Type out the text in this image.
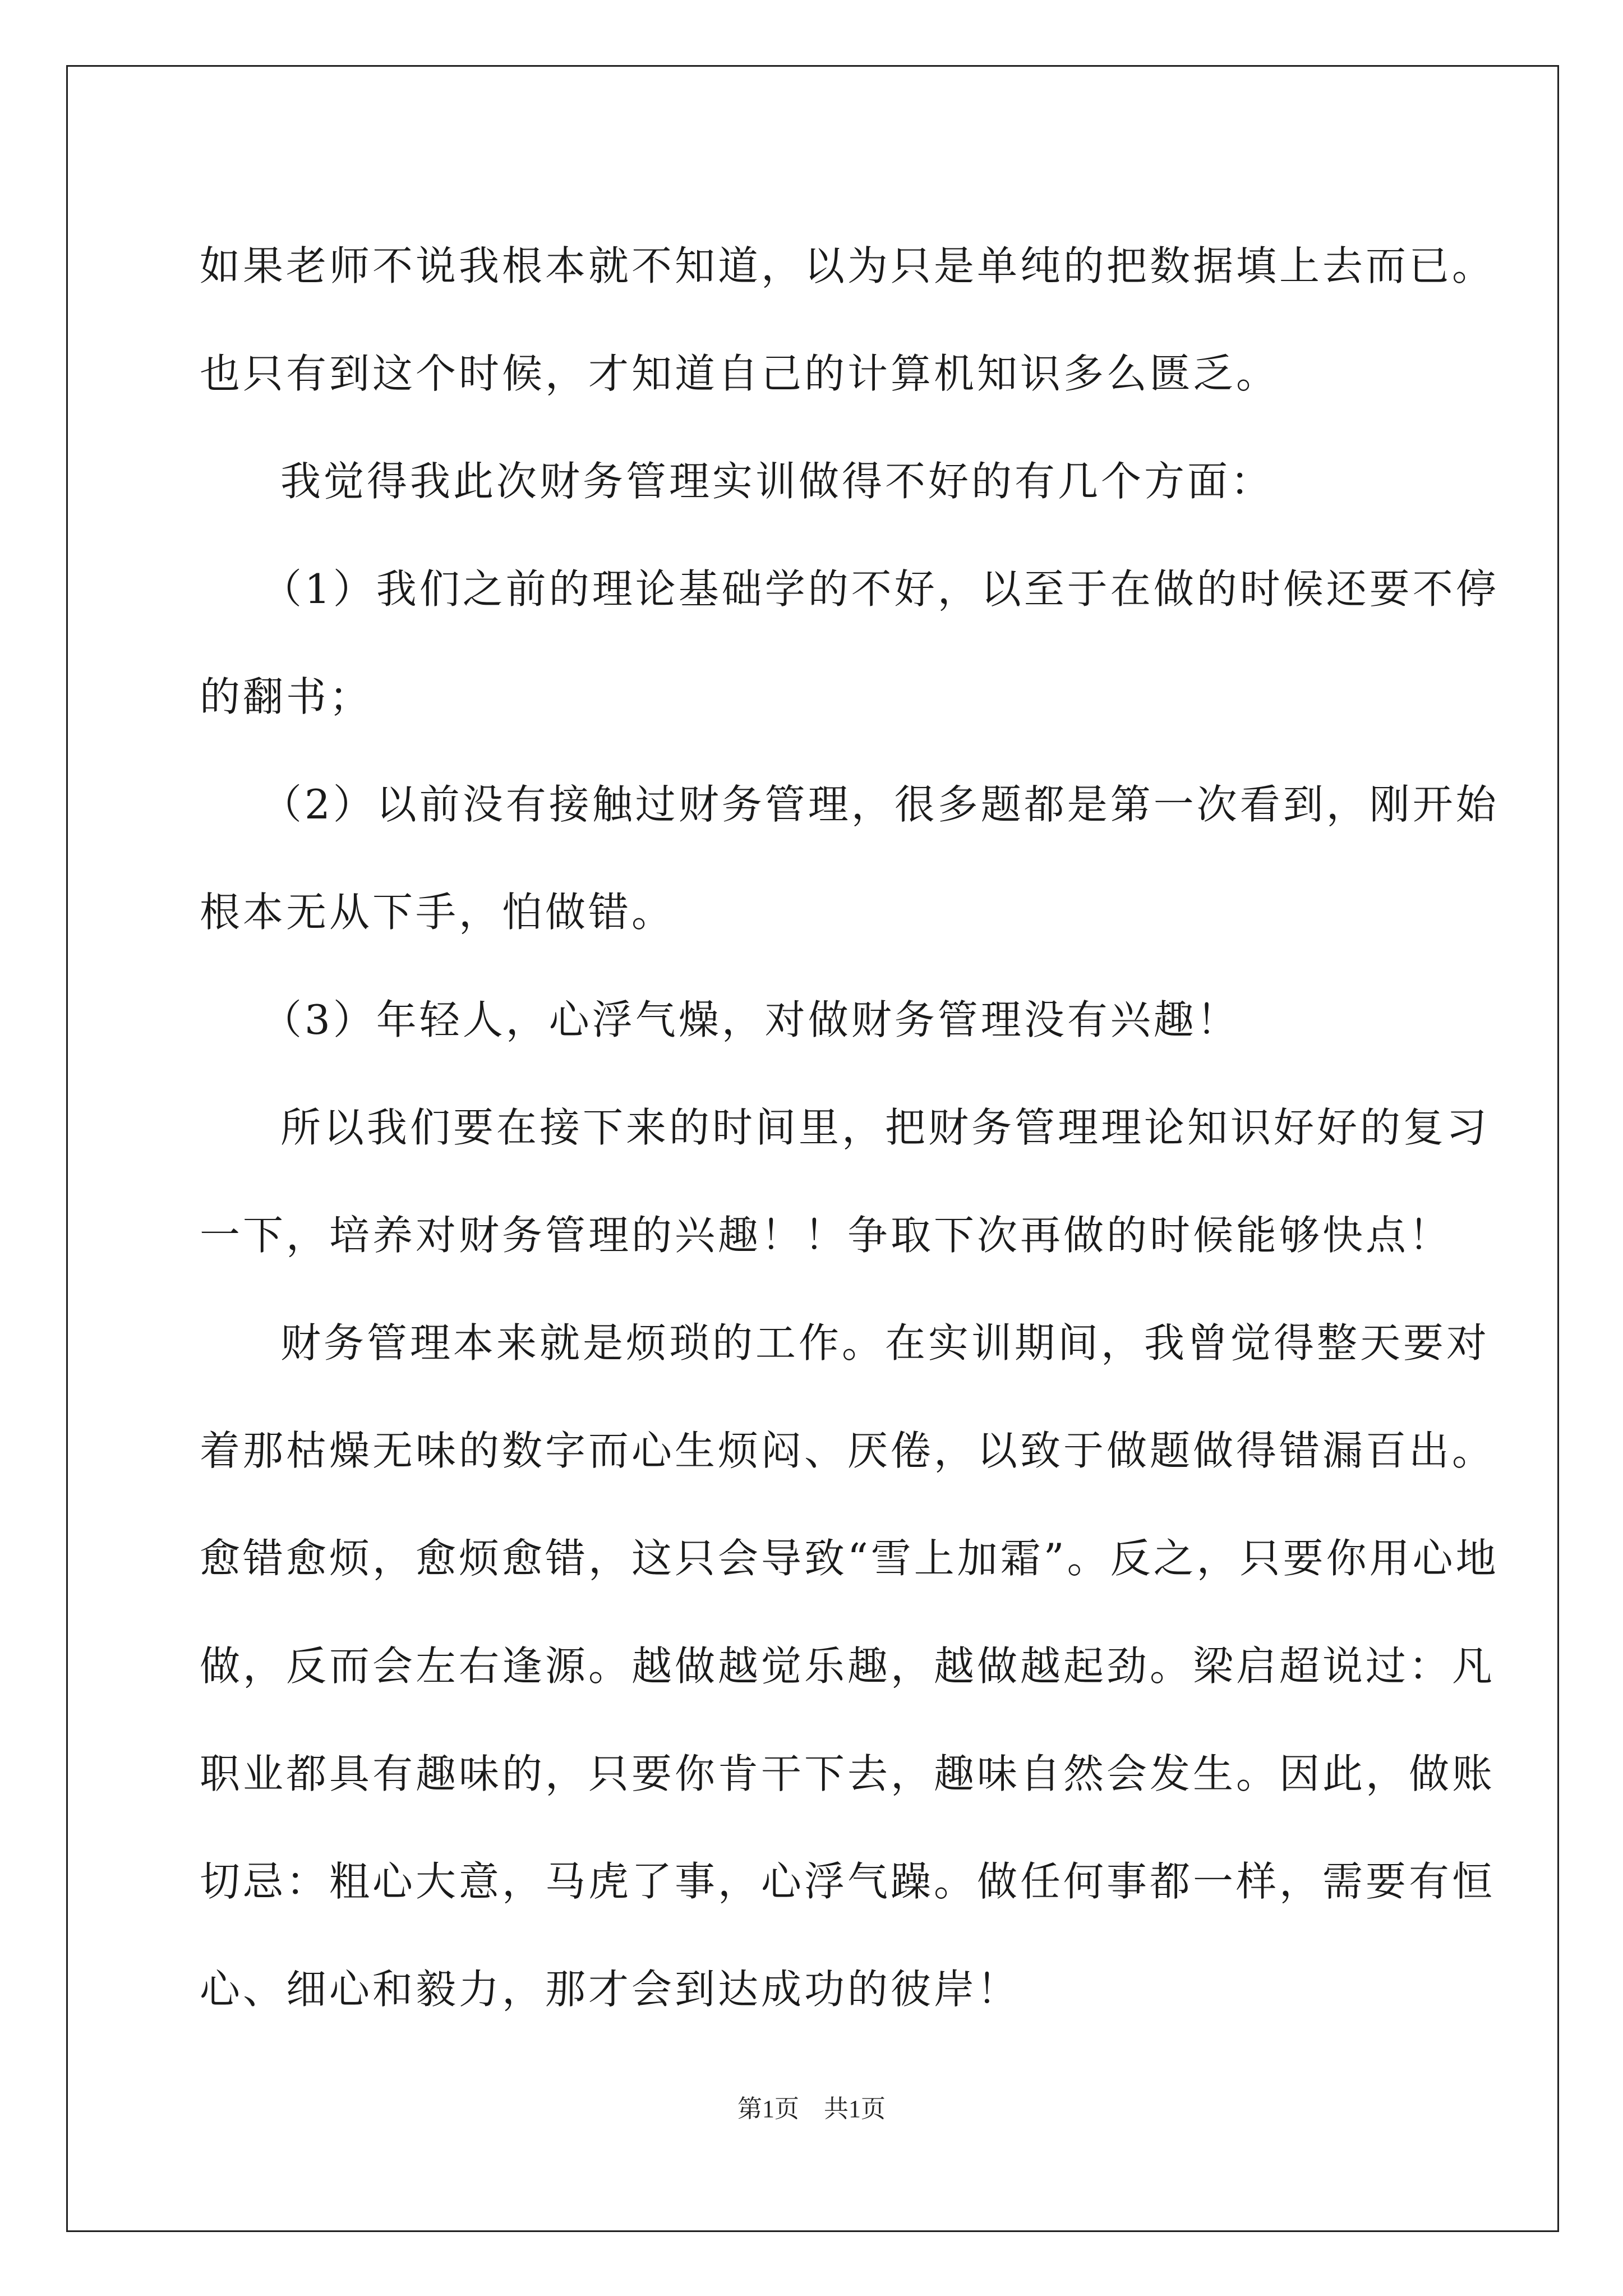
如果老师不说我根本就不知道，以为只是单纯的把数据填上去而已。
也只有到这个时候，才知道自己的计算机知识多么匮乏。
我觉得我此次财务管理实训做得不好的有几个方面：
（1）我们之前的理论基础学的不好，以至于在做的时候还要不停
的翻书；
（2）以前没有接触过财务管理，很多题都是第一次看到，刚开始
根本无从下手，怕做错。
（3）年轻人，心浮气燥，对做财务管理没有兴趣！
所以我们要在接下来的时间里，把财务管理理论知识好好的复习
一下，培养对财务管理的兴趣！！争取下次再做的时候能够快点！
财务管理本来就是烦琐的工作。在实训期间，我曾觉得整天要对
着那枯燥无味的数字而心生烦闷、厌倦，以致于做题做得错漏百出。
愈错愈烦，愈烦愈错，这只会导致“雪上加霜”。反之，只要你用心地
做，反而会左右逢源。越做越觉乐趣，越做越起劲。梁启超说过：凡
职业都具有趣味的，只要你肯干下去，趣味自然会发生。因此，做账
切忌：粗心大意，马虎了事，心浮气躁。做任何事都一样，需要有恒
心、细心和毅力，那才会到达成功的彼岸！
第1页　共1页
